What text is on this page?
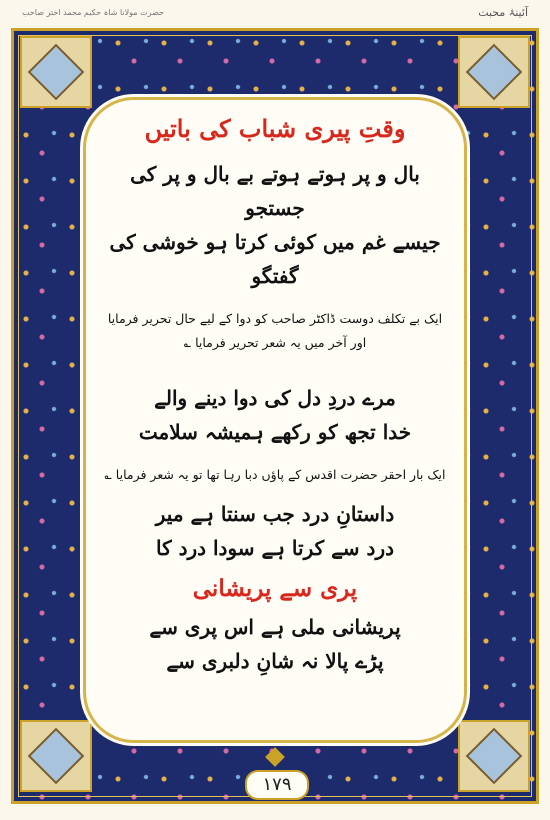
حضرت مولانا شاہ حکیم محمد اختر صاحب	آئینۂ محبت
وقتِ پیری شباب کی باتیں

بال و پر ہوتے ہوتے بے بال و پر کی جستجو

جیسے غم میں کوئی کرتا ہو خوشی کی گفتگو

ایک بے تکلف دوست ڈاکٹر صاحب کو دوا کے لیے حال تحریر فرمایا اور آخر میں یہ شعر تحریر فرمایا ؎

مرے دردِ دل کی دوا دینے والے

خدا تجھ کو رکھے ہمیشہ سلامت

ایک بار احقر حضرت اقدس کے پاؤں دبا رہا تھا تو یہ شعر فرمایا ؎

داستانِ درد جب سنتا ہے میر

درد سے کرتا ہے سودا درد کا

پری سے پریشانی

پریشانی ملی ہے اس پری سے

پڑے پالا نہ شانِ دلبری سے

١٧٩
